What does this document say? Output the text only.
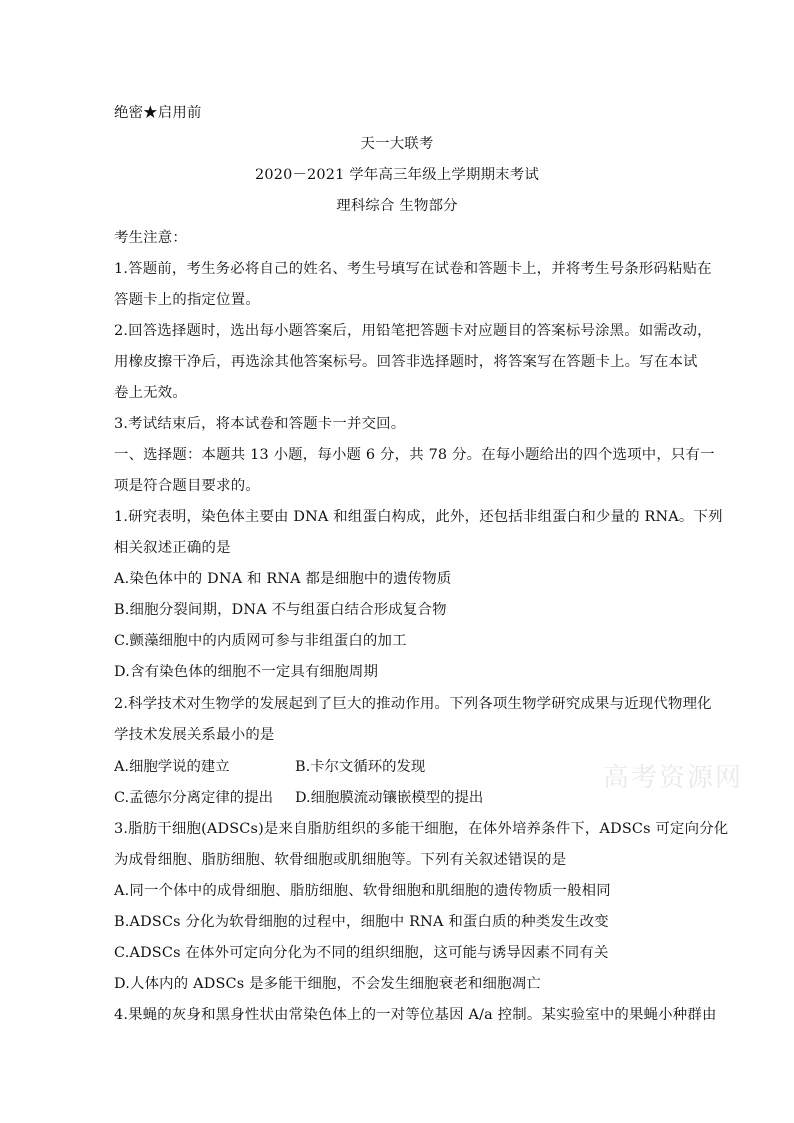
绝密★启用前
天一大联考
2020－2021 学年高三年级上学期期末考试
理科综合 生物部分
考生注意：
1.答题前，考生务必将自己的姓名、考生号填写在试卷和答题卡上，并将考生号条形码粘贴在
答题卡上的指定位置。
2.回答选择题时，选出每小题答案后，用铅笔把答题卡对应题目的答案标号涂黑。如需改动，
用橡皮擦干净后，再选涂其他答案标号。回答非选择题时，将答案写在答题卡上。写在本试
卷上无效。
3.考试结束后，将本试卷和答题卡一并交回。
一、选择题：本题共 13 小题，每小题 6 分，共 78 分。在每小题给出的四个选项中，只有一
项是符合题目要求的。
1.研究表明，染色体主要由 DNA 和组蛋白构成，此外，还包括非组蛋白和少量的 RNA。下列
相关叙述正确的是
A.染色体中的 DNA 和 RNA 都是细胞中的遗传物质
B.细胞分裂间期，DNA 不与组蛋白结合形成复合物
C.颤藻细胞中的内质网可参与非组蛋白的加工
D.含有染色体的细胞不一定具有细胞周期
2.科学技术对生物学的发展起到了巨大的推动作用。下列各项生物学研究成果与近现代物理化
学技术发展关系最小的是
A.细胞学说的建立	B.卡尔文循环的发现
C.孟德尔分离定律的提出 D.细胞膜流动镶嵌模型的提出
3.脂肪干细胞(ADSCs)是来自脂肪组织的多能干细胞，在体外培养条件下，ADSCs 可定向分化
为成骨细胞、脂肪细胞、软骨细胞或肌细胞等。下列有关叙述错误的是
A.同一个体中的成骨细胞、脂肪细胞、软骨细胞和肌细胞的遗传物质一般相同
B.ADSCs 分化为软骨细胞的过程中，细胞中 RNA 和蛋白质的种类发生改变
C.ADSCs 在体外可定向分化为不同的组织细胞，这可能与诱导因素不同有关
D.人体内的 ADSCs 是多能干细胞，不会发生细胞衰老和细胞凋亡
4.果蝇的灰身和黑身性状由常染色体上的一对等位基因 A/a 控制。某实验室中的果蝇小种群由
高考资源网
